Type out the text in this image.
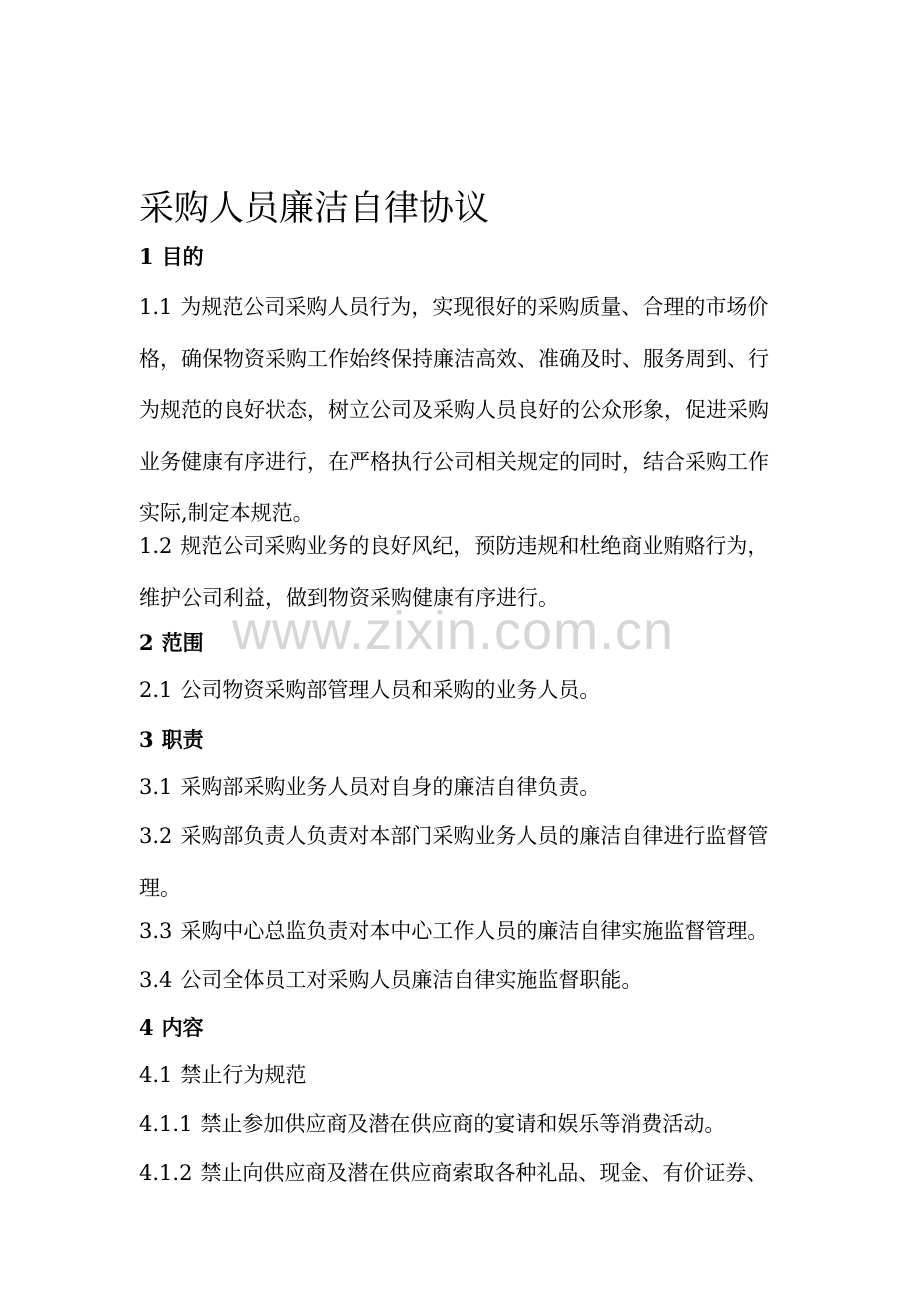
www.zixin.com.cn
采购人员廉洁自律协议
1 目的
1.1 为规范公司采购人员行为，实现很好的采购质量、合理的市场价
格，确保物资采购工作始终保持廉洁高效、准确及时、服务周到、行
为规范的良好状态，树立公司及采购人员良好的公众形象，促进采购
业务健康有序进行，在严格执行公司相关规定的同时，结合采购工作
实际,制定本规范。
1.2 规范公司采购业务的良好风纪，预防违规和杜绝商业贿赂行为，
维护公司利益，做到物资采购健康有序进行。
2 范围
2.1 公司物资采购部管理人员和采购的业务人员。
3 职责
3.1 采购部采购业务人员对自身的廉洁自律负责。
3.2 采购部负责人负责对本部门采购业务人员的廉洁自律进行监督管
理。
3.3 采购中心总监负责对本中心工作人员的廉洁自律实施监督管理。
3.4 公司全体员工对采购人员廉洁自律实施监督职能。
4 内容
4.1 禁止行为规范
4.1.1 禁止参加供应商及潜在供应商的宴请和娱乐等消费活动。
4.1.2 禁止向供应商及潜在供应商索取各种礼品、现金、有价证券、
